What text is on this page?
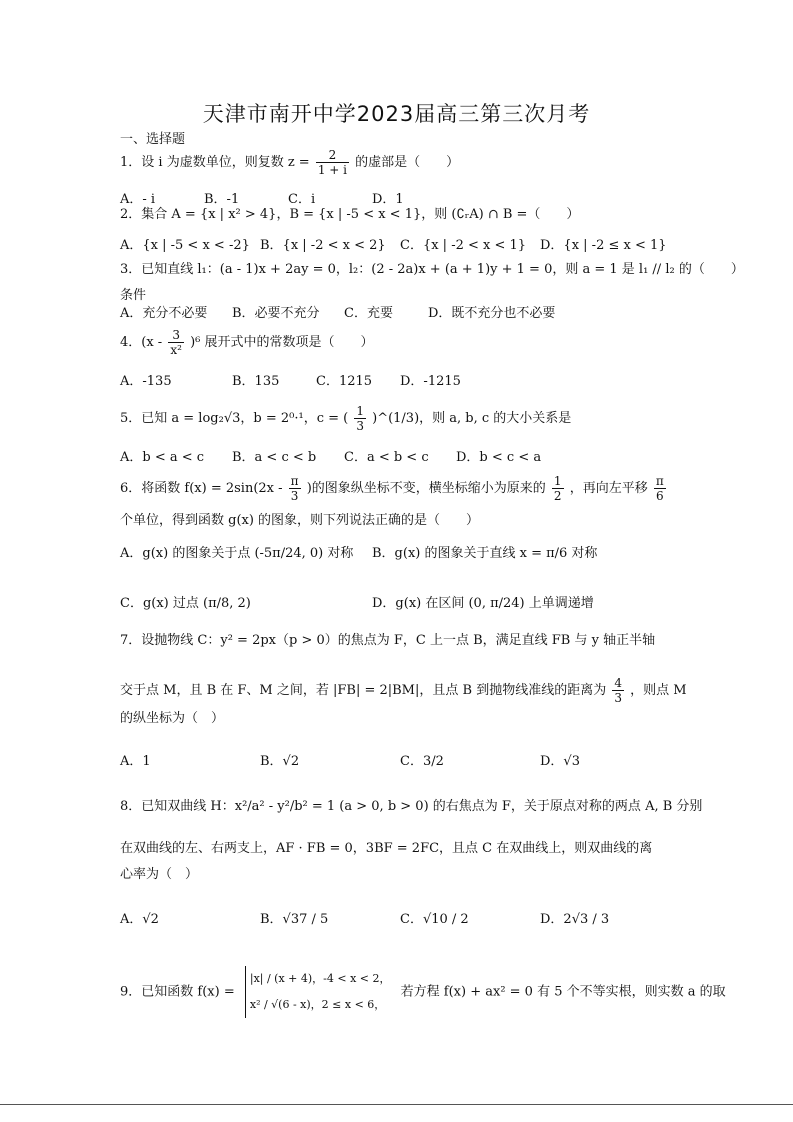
天津市南开中学2023届高三第三次月考
一、选择题
1．设 i 为虚数单位，则复数 $z = \frac{2}{1 + i}$ 的虚部是（　　）
A．- i	B．-1	C．i	D．1
2．集合 A = {x | x² > 4}，B = {x | -5 < x < 1}，则 (∁ᵣA) ∩ B =（　　）
A．{x | -5 < x < -2} B．{x | -2 < x < 2} C．{x | -2 < x < 1} D．{x | -2 ≤ x < 1}
3．已知直线 l₁：(a - 1)x + 2ay = 0，l₂：(2 - 2a)x + (a + 1)y + 1 = 0，则 a = 1 是 l₁ // l₂ 的（　　）
条件
A．充分不必要 B．必要不充分 C．充要	D．既不充分也不必要
4．$(x - \frac{3}{\text{x²}} )^6$ 展开式中的常数项是（　　）
A．-135	B．135	C．1215 D．-1215
5．已知 a = log₂√3，b = 2⁰·¹，c = ( $\frac{1}{3}$ )^(1/3)，则 a, b, c 的大小关系是
A．b < a < c B．a < c < b C．a < b < c D．b < c < a
6．将函数 $f(x) = 2\sin(2x - \frac{\pi}{3}$ )的图象纵坐标不变，横坐标缩小为原来的 $\frac{1}{2}$ ，再向左平移 $\frac{\pi}{6}$
个单位，得到函数 g(x) 的图象，则下列说法正确的是（　　）
A．g(x) 的图象关于点 (-5π/24, 0) 对称 B．g(x) 的图象关于直线 x = π/6 对称
C．g(x) 过点 (π/8, 2)	D．g(x) 在区间 (0, π/24) 上单调递增
7．设抛物线 C：y² = 2px（p > 0）的焦点为 F，C 上一点 B，满足直线 FB 与 y 轴正半轴
交于点 M，且 B 在 F、M 之间，若 |FB| = 2|BM|，且点 B 到抛物线准线的距离为 $\frac{4}{3}$ ，则点 M
的纵坐标为（　）
A．1	B．√2	C．3/2	D．√3
8．已知双曲线 H：x²/a² - y²/b² = 1 (a > 0, b > 0) 的右焦点为 F，关于原点对称的两点 A, B 分别
在双曲线的左、右两支上，AF · FB = 0，3BF = 2FC，且点 C 在双曲线上，则双曲线的离
心率为（　）
A．√2	B．√37 / 5	C．√10 / 2	D．2√3 / 3
9．已知函数 f(x) =
|x| / (x + 4)，-4 < x < 2，
x² / √(6 - x)，2 ≤ x < 6，
若方程 f(x) + ax² = 0 有 5 个不等实根，则实数 a 的取
